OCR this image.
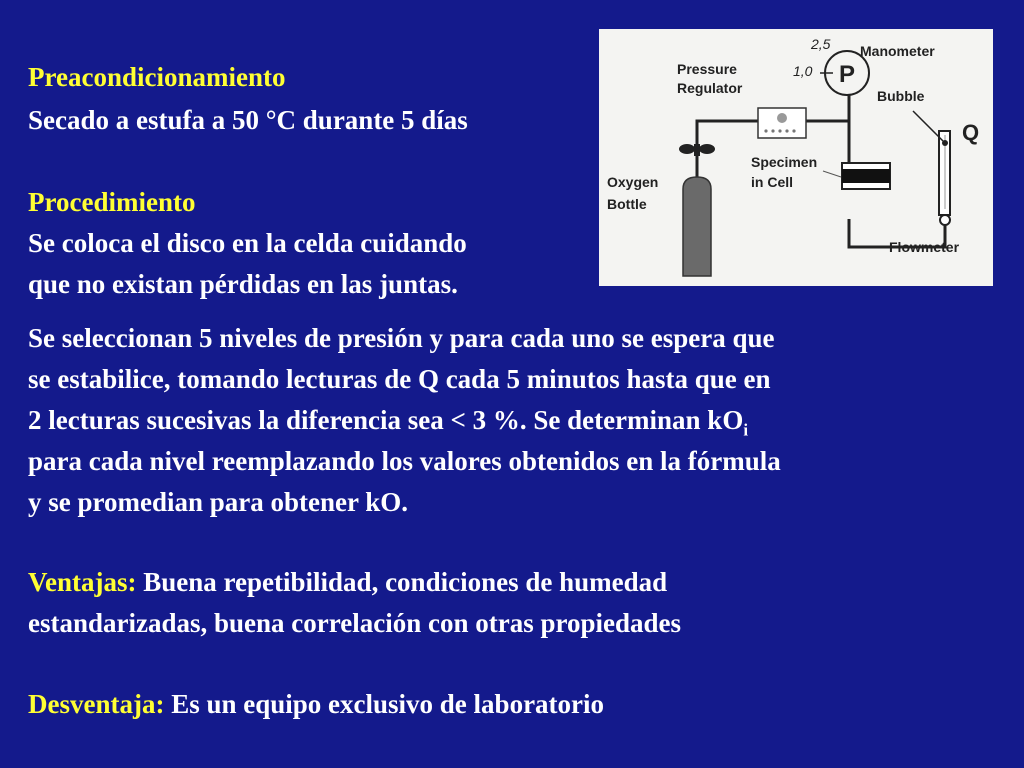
Preacondicionamiento
Secado a estufa a 50 °C durante 5 días
Procedimiento
Se coloca el disco en la celda cuidando
que no existan pérdidas en las juntas.
P
2,5
1,0
Manometer
Pressure
Regulator	Bubble
Q
Specimen
in Cell
Oxygen
Bottle
Flowmeter
Se seleccionan 5 niveles de presión y para cada uno se espera que
se estabilice, tomando lecturas de Q cada 5 minutos hasta que en
2 lecturas sucesivas la diferencia sea < 3 %. Se determinan $kO_i$
para cada nivel reemplazando los valores obtenidos en la fórmula
y se promedian para obtener kO.
Ventajas: Buena repetibilidad, condiciones de humedad
estandarizadas, buena correlación con otras propiedades
Desventaja: Es un equipo exclusivo de laboratorio
